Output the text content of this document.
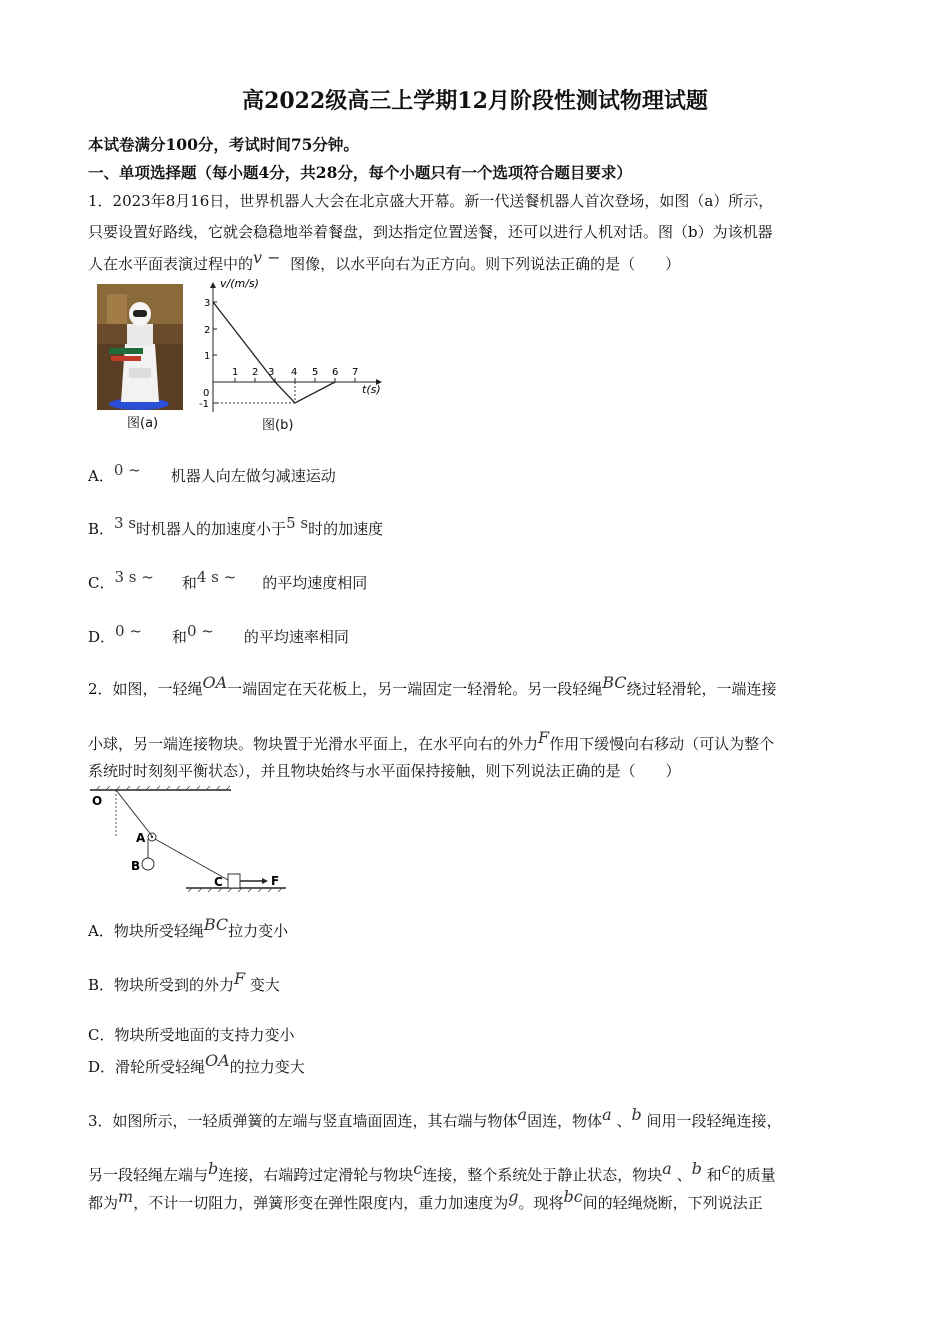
高2022级高三上学期12月阶段性测试物理试题
本试卷满分100分，考试时间75分钟。
一、单项选择题（每小题4分，共28分，每个小题只有一个选项符合题目要求）
1．2023年8月16日，世界机器人大会在北京盛大开幕。新一代送餐机器人首次登场，如图（a）所示，
只要设置好路线，它就会稳稳地举着餐盘，到达指定位置送餐，还可以进行人机对话。图（b）为该机器
人在水平面表演过程中的v − 图像，以水平向右为正方向。则下列说法正确的是（　　）
图(a)
v/(m/s)
t(s)
0
3
2
1
-1
1 2 3 4 5 6 7
图(b)
A．0 ~ 机器人向左做匀减速运动
B．3 s时机器人的加速度小于5 s时的加速度
C．3 s ~ 和4 s ~ 的平均速度相同
D．0 ~ 和0 ~ 的平均速率相同
2．如图，一轻绳OA一端固定在天花板上，另一端固定一轻滑轮。另一段轻绳BC绕过轻滑轮，一端连接
小球，另一端连接物块。物块置于光滑水平面上，在水平向右的外力F作用下缓慢向右移动（可认为整个
系统时时刻刻平衡状态），并且物块始终与水平面保持接触，则下列说法正确的是（　　）
O
A
B
C	F
A．物块所受轻绳BC拉力变小
B．物块所受到的外力F 变大
C．物块所受地面的支持力变小
D．滑轮所受轻绳OA的拉力变大
3．如图所示，一轻质弹簧的左端与竖直墙面固连，其右端与物体a固连，物体a 、b 间用一段轻绳连接，
另一段轻绳左端与b连接，右端跨过定滑轮与物块c连接，整个系统处于静止状态，物块a 、b 和c的质量
都为m，不计一切阻力，弹簧形变在弹性限度内，重力加速度为g。现将bc间的轻绳烧断，下列说法正
